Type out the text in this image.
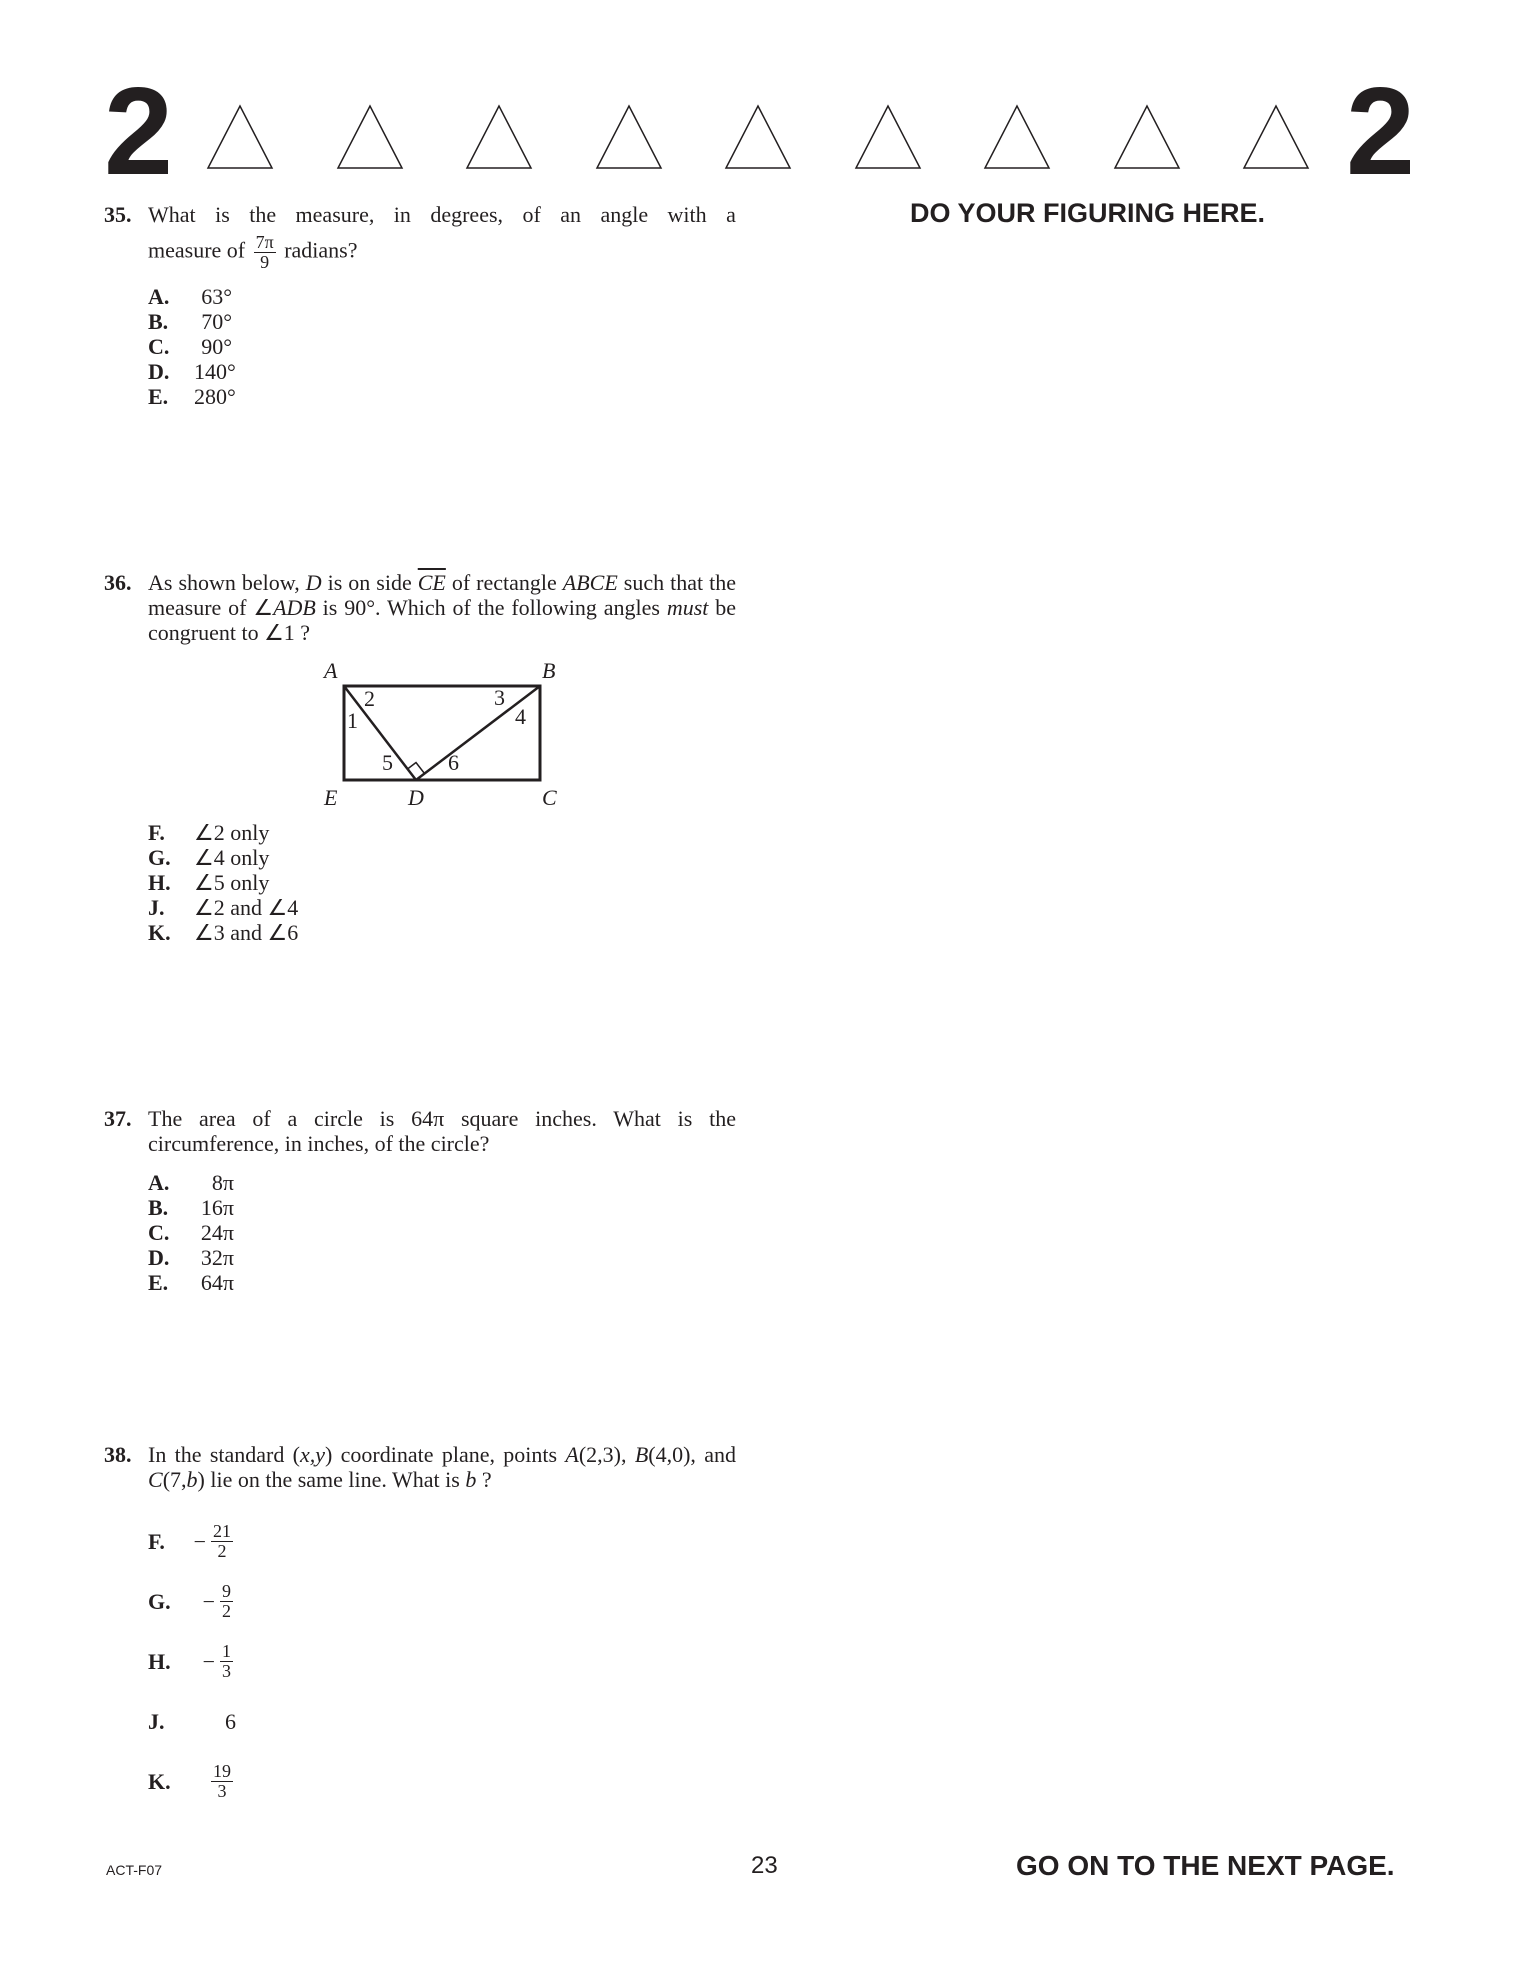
2	2
DO YOUR FIGURING HERE.
35. What is the measure, in degrees, of an angle with a
measure of $\frac{7\pi}{9}$ radians?
A.	63°
B.	70°
C.	90°
D.	140°
E.	280°
36. As shown below, D is on side $\overline{CE}$ of rectangle ABCE such that the measure of ∠ADB is 90°. Which of the following angles must be congruent to ∠1 ?
A	B
E	D	C
1
2	3
4
5	6
F.	∠2 only
G.	∠4 only
H.	∠5 only
J.	∠2 and ∠4
K.	∠3 and ∠6
37. The area of a circle is 64π square inches. What is the circumference, in inches, of the circle?
A.	8π
B.	16π
C.	24π
D.	32π
E.	64π
38. In the standard (x,y) coordinate plane, points A(2,3), B(4,0), and C(7,b) lie on the same line. What is b ?
F.	− $\frac{21}{2}$
G.	− $\frac{9}{2}$
H.	− $\frac{1}{3}$
J.	6
K.	$\frac{19}{3}$
ACT-F07	23	GO ON TO THE NEXT PAGE.
